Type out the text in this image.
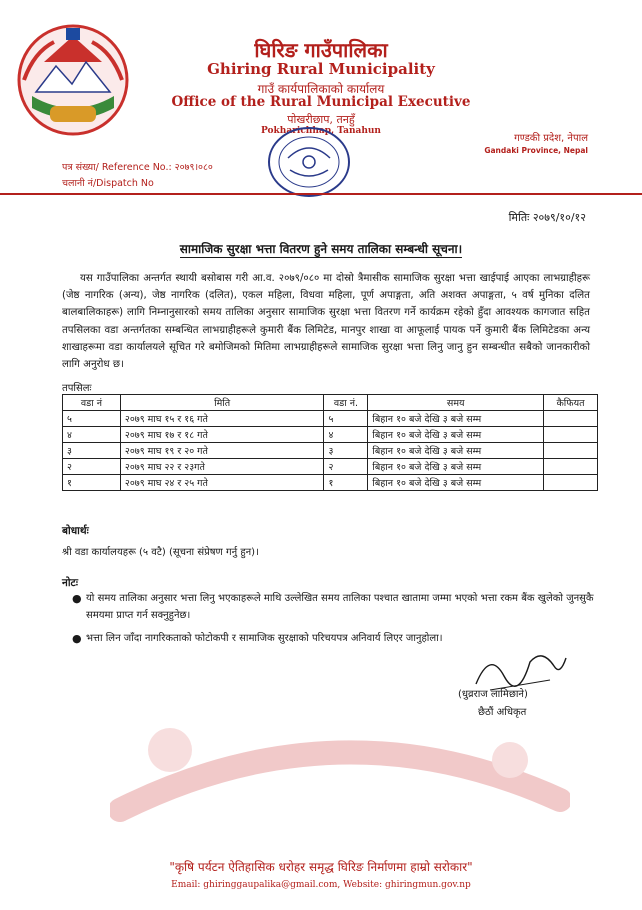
घिरिङ गाउँपालिका
Ghiring Rural Municipality
गाउँ कार्यपालिकाको कार्यालय
Office of the Rural Municipal Executive
पोखरीछाप, तनहुँ
Pokharichhap, Tanahun
गण्डकी प्रदेश, नेपाल
Gandaki Province, Nepal
पत्र संख्या/ Reference No.: २०७९।०८०
चलानी नं/Dispatch No
मितिः २०७९/१०/१२
सामाजिक सुरक्षा भत्ता वितरण हुने समय तालिका सम्बन्धी सूचना।
यस गाउँपालिका अन्तर्गत स्थायी बसोबास गरी आ.व. २०७९/०८० मा दोस्रो त्रैमासीक सामाजिक सुरक्षा भत्ता खाईपाई आएका लाभग्राहीहरू (जेष्ठ नागरिक (अन्य), जेष्ठ नागरिक (दलित), एकल महिला, विधवा महिला, पूर्ण अपाङ्गता, अति अशक्त अपाङ्गता, ५ वर्ष मुनिका दलित बालबालिकाहरू) लागि निम्नानुसारको समय तालिका अनुसार सामाजिक सुरक्षा भत्ता वितरण गर्ने कार्यक्रम रहेको हुँदा आवश्यक कागजात सहित तपसिलका वडा अन्तर्गतका सम्बन्धित लाभग्राहीहरूले कुमारी बैंक लिमिटेड, मानपुर शाखा वा आफूलाई पायक पर्ने कुमारी बैंक लिमिटेडका अन्य शाखाहरूमा वडा कार्यालयले सूचित गरे बमोजिमको मितिमा लाभग्राहीहरूले सामाजिक सुरक्षा भत्ता लिनु जानु हुन सम्बन्धीत सबैको जानकारीको लागि अनुरोध छ।
तपसिलः
वडा नं	मिति	वडा नं.	समय	कैफियत
५	२०७९ माघ १५ र १६ गते	५	बिहान १० बजे देखि ३ बजे सम्म	
४	२०७९ माघ १७ र १८ गते	४	बिहान १० बजे देखि ३ बजे सम्म	
३	२०७९ माघ १९ र २० गते	३	बिहान १० बजे देखि ३ बजे सम्म	
२	२०७९ माघ २२ र २३गते	२	बिहान १० बजे देखि ३ बजे सम्म	
१	२०७९ माघ २४ र २५ गते	१	बिहान १० बजे देखि ३ बजे सम्म	
बोधार्थः
श्री वडा कार्यालयहरू (५ वटै) (सूचना संप्रेषण गर्नु हुन)।
नोटः
● यो समय तालिका अनुसार भत्ता लिनु भएकाहरूले माथि उल्लेखित समय तालिका पश्चात खातामा जम्मा भएको भत्ता रकम बैंक खुलेको जुनसुकै समयमा प्राप्त गर्न सक्नुहुनेछ।
● भत्ता लिन जाँदा नागरिकताको फोटोकपी र सामाजिक सुरक्षाको परिचयपत्र अनिवार्य लिएर जानुहोला।
(धुव्रराज लामिछाने)
छैठौं अधिकृत
"कृषि पर्यटन ऐतिहासिक धरोहर समृद्ध घिरिङ निर्माणमा हाम्रो सरोकार"
Email: ghiringgaupalika@gmail.com, Website: ghiringmun.gov.np
